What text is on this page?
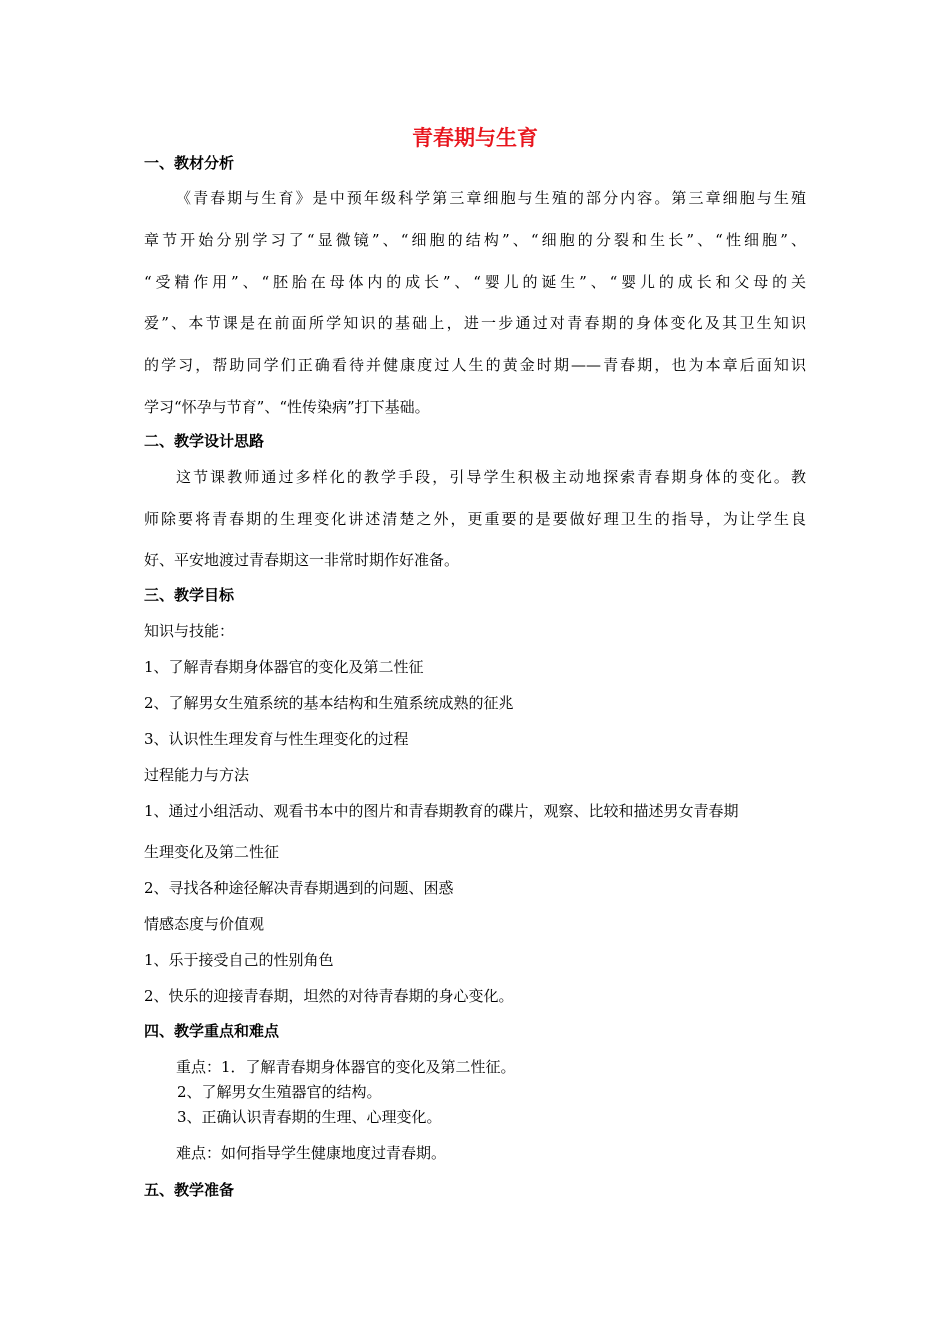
青春期与生育
一、教材分析
《青春期与生育》是中预年级科学第三章细胞与生殖的部分内容。第三章细胞与生殖
章节开始分别学习了“显微镜”、“细胞的结构”、“细胞的分裂和生长”、“性细胞”、
“受精作用”、“胚胎在母体内的成长”、“婴儿的诞生”、“婴儿的成长和父母的关
爱”、本节课是在前面所学知识的基础上，进一步通过对青春期的身体变化及其卫生知识
的学习，帮助同学们正确看待并健康度过人生的黄金时期——青春期，也为本章后面知识
学习“怀孕与节育”、“性传染病”打下基础。
二、教学设计思路
这节课教师通过多样化的教学手段，引导学生积极主动地探索青春期身体的变化。教
师除要将青春期的生理变化讲述清楚之外，更重要的是要做好理卫生的指导，为让学生良
好、平安地渡过青春期这一非常时期作好准备。
三、教学目标
知识与技能：
1、了解青春期身体器官的变化及第二性征
2、了解男女生殖系统的基本结构和生殖系统成熟的征兆
3、认识性生理发育与性生理变化的过程
过程能力与方法
1、通过小组活动、观看书本中的图片和青春期教育的碟片，观察、比较和描述男女青春期
生理变化及第二性征
2、寻找各种途径解决青春期遇到的问题、困惑
情感态度与价值观
1、乐于接受自己的性别角色
2、快乐的迎接青春期，坦然的对待青春期的身心变化。
四、教学重点和难点
重点：1．了解青春期身体器官的变化及第二性征。
2、了解男女生殖器官的结构。
3、正确认识青春期的生理、心理变化。
难点：如何指导学生健康地度过青春期。
五、教学准备
